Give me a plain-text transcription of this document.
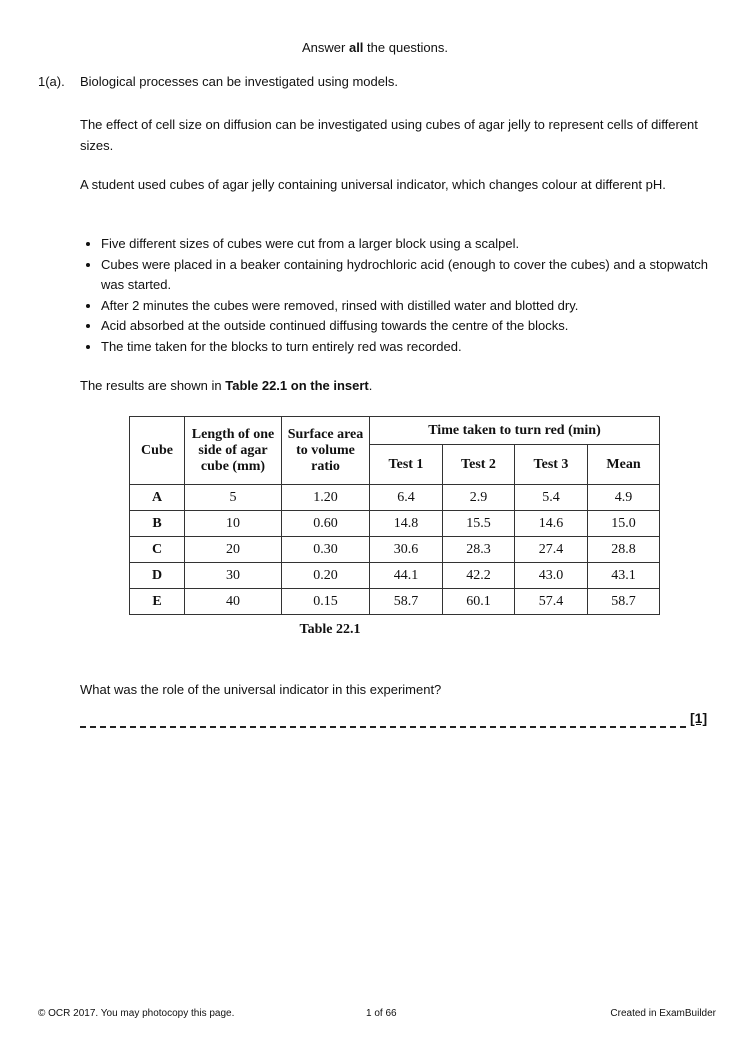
Answer all the questions.
1(a). Biological processes can be investigated using models.
The effect of cell size on diffusion can be investigated using cubes of agar jelly to represent cells of different sizes.
A student used cubes of agar jelly containing universal indicator, which changes colour at different pH.
• Five different sizes of cubes were cut from a larger block using a scalpel.
• Cubes were placed in a beaker containing hydrochloric acid (enough to cover the cubes) and a stopwatch was started.
• After 2 minutes the cubes were removed, rinsed with distilled water and blotted dry.
• Acid absorbed at the outside continued diffusing towards the centre of the blocks.
• The time taken for the blocks to turn entirely red was recorded.
The results are shown in Table 22.1 on the insert.
Cube	Length of one side of agar cube (mm)	Surface area to volume ratio	Time taken to turn red (min)			
			Test 1	Test 2	Test 3	Mean
A	5	1.20	6.4	2.9	5.4	4.9
B	10	0.60	14.8	15.5	14.6	15.0
C	20	0.30	30.6	28.3	27.4	28.8
D	30	0.20	44.1	42.2	43.0	43.1
E	40	0.15	58.7	60.1	57.4	58.7
Table 22.1
What was the role of the universal indicator in this experiment?
[1]
© OCR 2017. You may photocopy this page.	1 of 66	Created in ExamBuilder
